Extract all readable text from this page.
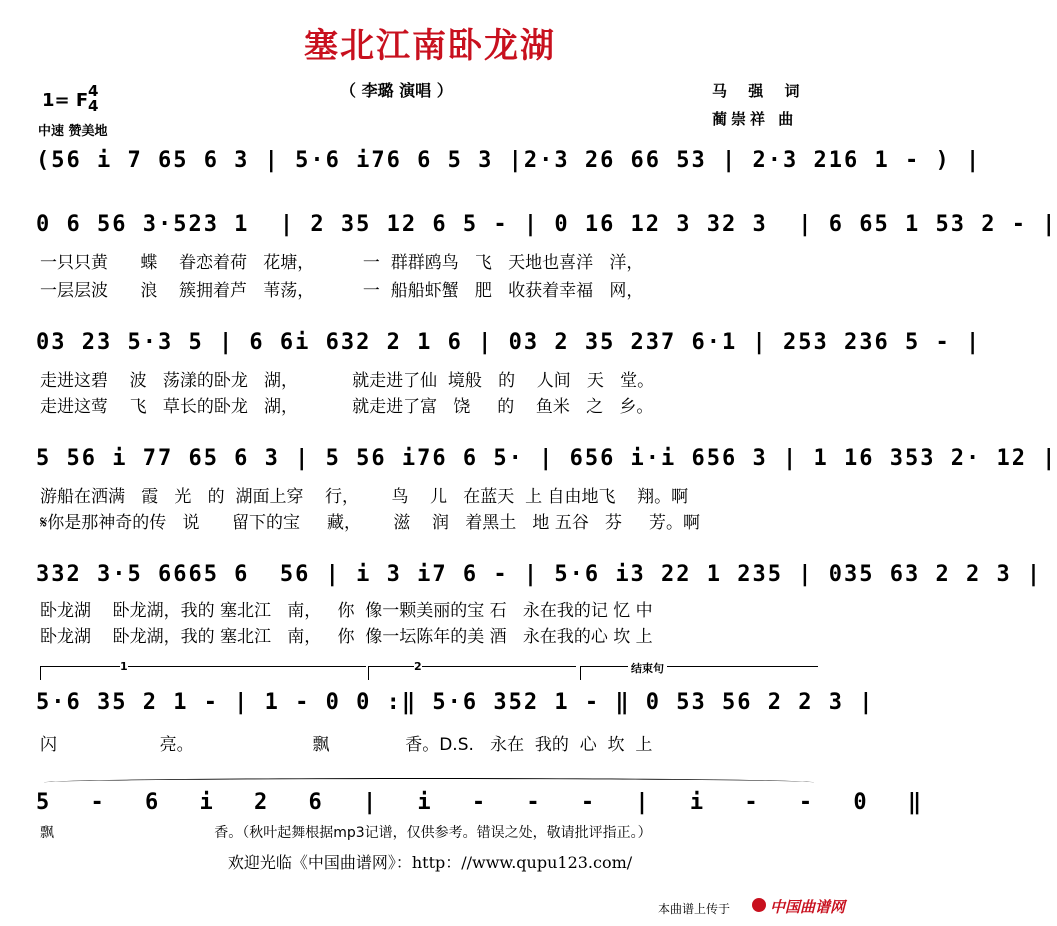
塞北江南卧龙湖
（ 李璐 演唱 ）
1= F 4
4
中速 赞美地
马 强 词
蔺崇祥 曲
(56 i 7 65 6 3 | 5·6 i76 6 5 3 |2·3 26 66 53 | 2·3 216 1 - ) |
0 6 56 3·523 1  | 2 35 12 6 5 - | 0 16 12 3 32 3  | 6 65 1 53 2 - |
一只只黄      蝶    眷恋着荷   花塘，         一  群群鸥鸟   飞   天地也喜洋   洋，
一层层波      浪    簇拥着芦   苇荡，         一  船船虾蟹   肥   收获着幸福   网，
03 23 5·3 5 | 6 6i 632 2 1 6 | 03 2 35 237 6·1 | 253 236 5 - |
走进这碧    波   荡漾的卧龙   湖，          就走进了仙  境般   的    人间   天   堂。
走进这莺    飞   草长的卧龙   湖，          就走进了富   饶     的    鱼米   之   乡。
5 56 i 77 65 6 3 | 5 56 i76 6 5· | 656 i·i 656 3 | 1 16 353 2· 12 |
游船在洒满   霞   光   的  湖面上穿    行，      鸟    儿   在蓝天  上 自由地飞    翔。啊
𝄋你是那神奇的传   说      留下的宝     藏，      滋    润   着黑土   地 五谷   芬     芳。啊
332 3·5 6665 6  56 | i 3 i7 6 - | 5·6 i3 22 1 235 | 035 63 2 2 3 |
卧龙湖    卧龙湖，我的 塞北江   南，   你  像一颗美丽的宝 石   永在我的记 忆 中
卧龙湖    卧龙湖，我的 塞北江   南，   你  像一坛陈年的美 酒   永在我的心 坎 上
1	2	结束句
5·6 35 2 1 - | 1 - 0 0 :‖ 5·6 352 1 - ‖ 0 53 56 2 2 3 |
闪                   亮。                      飘              香。D.S.   永在  我的  心  坎  上
5 - 6 i 2 6 | i - - - | i - - 0 ‖
飘                                    香。（秋叶起舞根据mp3记谱，仅供参考。错误之处，敬请批评指正。）
欢迎光临《中国曲谱网》：http：//www.qupu123.com/
本曲谱上传于	中国曲谱网
